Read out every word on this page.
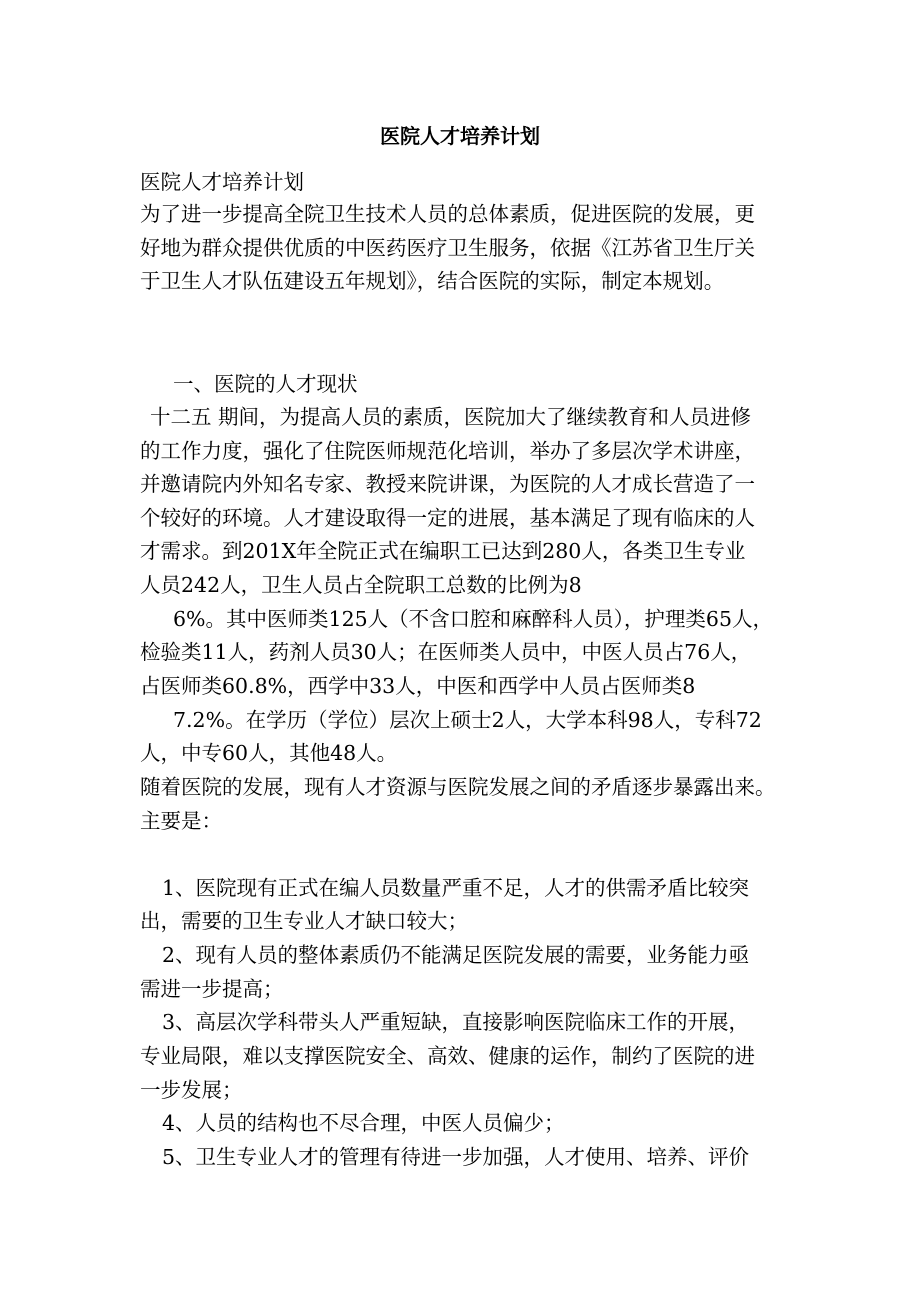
医院人才培养计划
医院人才培养计划
为了进一步提高全院卫生技术人员的总体素质，促进医院的发展，更
好地为群众提供优质的中医药医疗卫生服务，依据《江苏省卫生厅关
于卫生人才队伍建设五年规划》，结合医院的实际，制定本规划。
一、医院的人才现状
十二五 期间，为提高人员的素质，医院加大了继续教育和人员进修
的工作力度，强化了住院医师规范化培训，举办了多层次学术讲座，
并邀请院内外知名专家、教授来院讲课，为医院的人才成长营造了一
个较好的环境。人才建设取得一定的进展，基本满足了现有临床的人
才需求。到201X年全院正式在编职工已达到280人，各类卫生专业
人员242人，卫生人员占全院职工总数的比例为8
6%。其中医师类125人（不含口腔和麻醉科人员），护理类65人，
检验类11人，药剂人员30人；在医师类人员中，中医人员占76人，
占医师类60.8%，西学中33人，中医和西学中人员占医师类8
7.2%。在学历（学位）层次上硕士2人，大学本科98人，专科72
人，中专60人，其他48人。
随着医院的发展，现有人才资源与医院发展之间的矛盾逐步暴露出来。
主要是：
1、医院现有正式在编人员数量严重不足，人才的供需矛盾比较突
出，需要的卫生专业人才缺口较大；
2、现有人员的整体素质仍不能满足医院发展的需要，业务能力亟
需进一步提高；
3、高层次学科带头人严重短缺，直接影响医院临床工作的开展，
专业局限，难以支撑医院安全、高效、健康的运作，制约了医院的进
一步发展；
4、人员的结构也不尽合理，中医人员偏少；
5、卫生专业人才的管理有待进一步加强，人才使用、培养、评价
